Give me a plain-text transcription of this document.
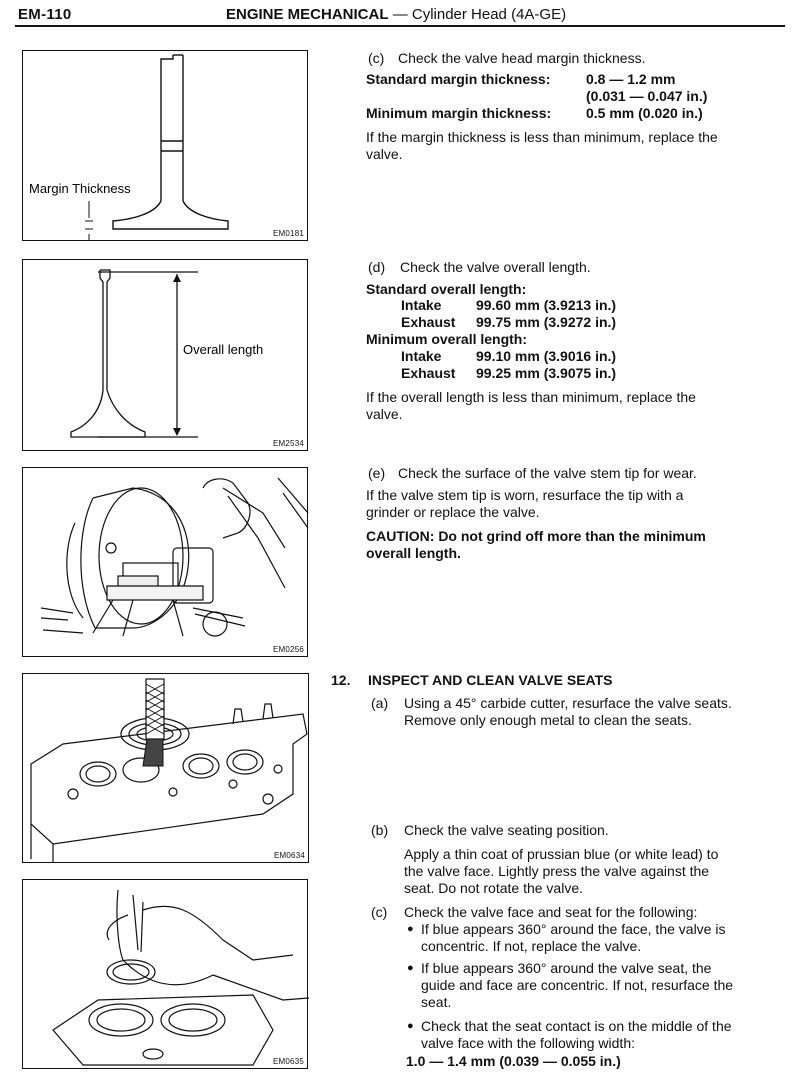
EM-110	ENGINE MECHANICAL — Cylinder Head (4A-GE)
Margin Thickness
EM0181
Overall length
EM2534
EM0256
EM0634
EM0635
(c) Check the valve head margin thickness.
Standard margin thickness:	0.8 — 1.2 mm
(0.031 — 0.047 in.)
Minimum margin thickness: 0.5 mm (0.020 in.)
If the margin thickness is less than minimum, replace the
valve.
(d) Check the valve overall length.
Standard overall length:
Intake 99.60 mm (3.9213 in.)
Exhaust 99.75 mm (3.9272 in.)
Minimum overall length:
Intake 99.10 mm (3.9016 in.)
Exhaust 99.25 mm (3.9075 in.)
If the overall length is less than minimum, replace the
valve.
(e) Check the surface of the valve stem tip for wear.
If the valve stem tip is worn, resurface the tip with a
grinder or replace the valve.
CAUTION: Do not grind off more than the minimum
overall length.
12. INSPECT AND CLEAN VALVE SEATS
(a) Using a 45° carbide cutter, resurface the valve seats.
Remove only enough metal to clean the seats.
(b) Check the valve seating position.
Apply a thin coat of prussian blue (or white lead) to
the valve face. Lightly press the valve against the
seat. Do not rotate the valve.
(c) Check the valve face and seat for the following:
● If blue appears 360° around the face, the valve is
concentric. If not, replace the valve.
● If blue appears 360° around the valve seat, the
guide and face are concentric. If not, resurface the
seat.
● Check that the seat contact is on the middle of the
valve face with the following width:
1.0 — 1.4 mm (0.039 — 0.055 in.)
